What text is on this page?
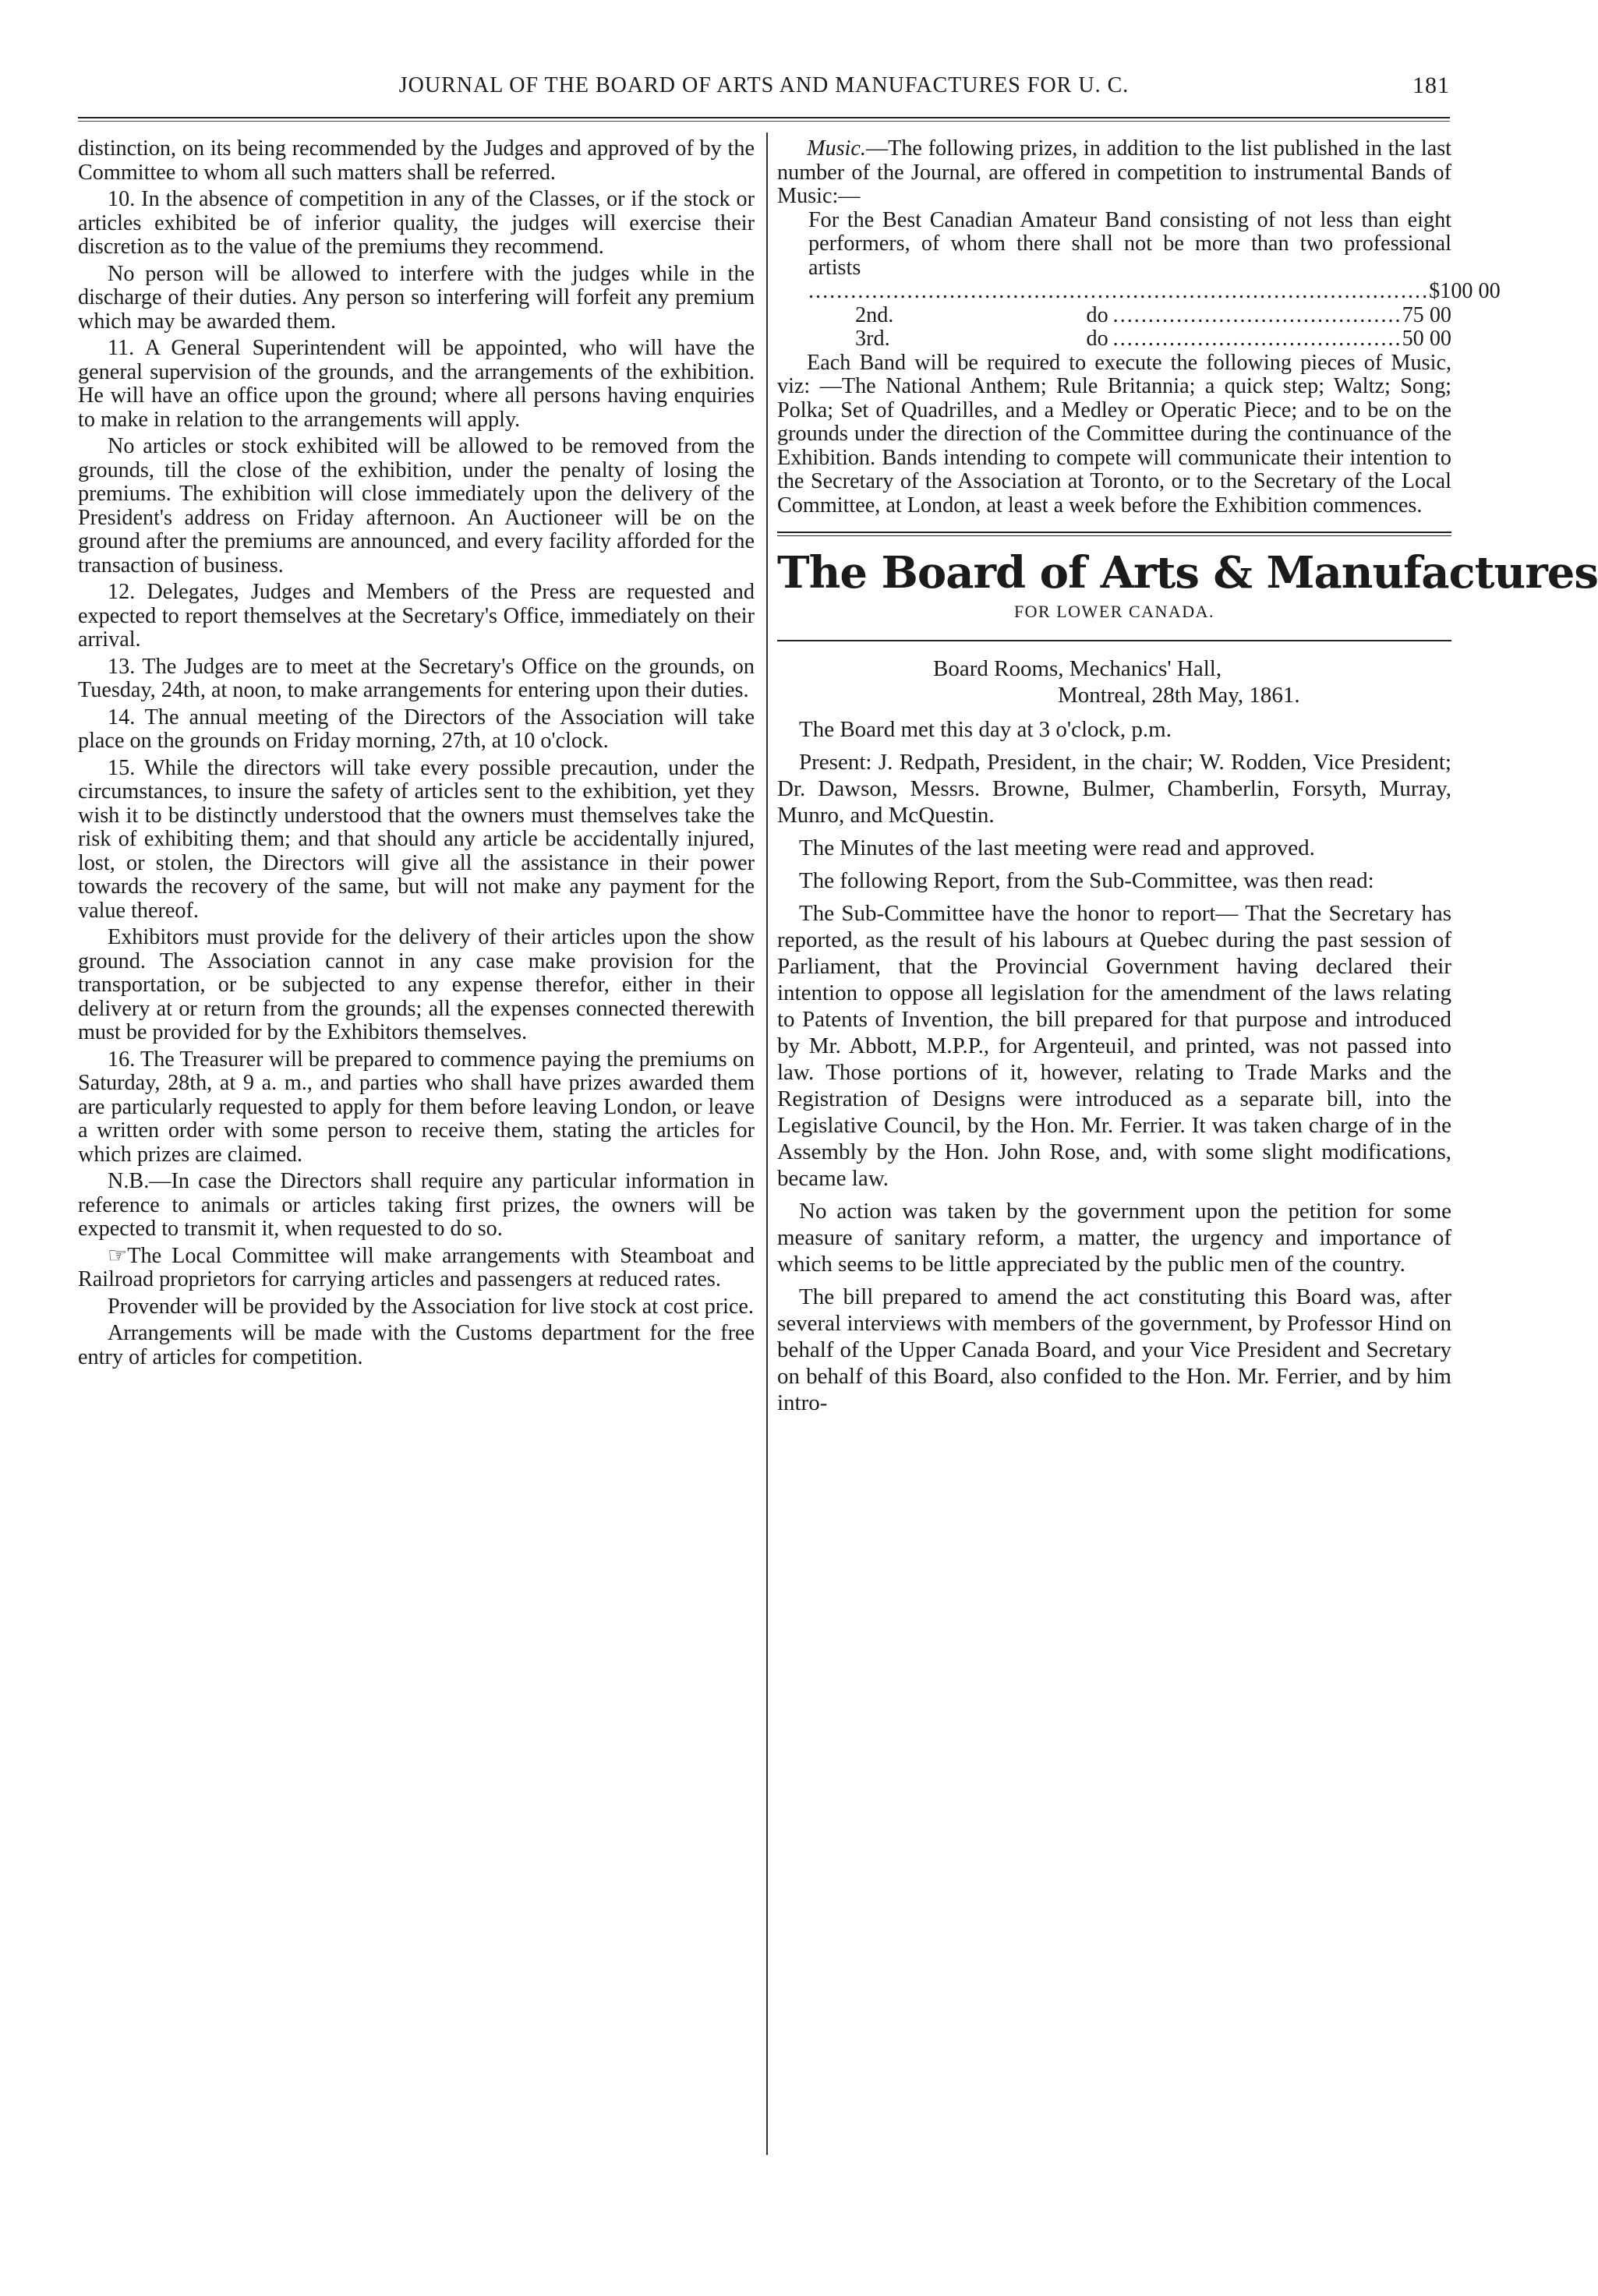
JOURNAL OF THE BOARD OF ARTS AND MANUFACTURES FOR U. C.	181

distinction, on its being recommended by the Judges and approved of by the Committee to whom all such matters shall be referred.

10. In the absence of competition in any of the Classes, or if the stock or articles exhibited be of inferior quality, the judges will exercise their discretion as to the value of the premiums they recommend.

No person will be allowed to interfere with the judges while in the discharge of their duties. Any person so interfering will forfeit any premium which may be awarded them.

11. A General Superintendent will be appointed, who will have the general supervision of the grounds, and the arrangements of the exhibition. He will have an office upon the ground; where all persons having enquiries to make in relation to the arrangements will apply.

No articles or stock exhibited will be allowed to be removed from the grounds, till the close of the exhibition, under the penalty of losing the premiums. The exhibition will close immediately upon the delivery of the President's address on Friday afternoon. An Auctioneer will be on the ground after the premiums are announced, and every facility afforded for the transaction of business.

12. Delegates, Judges and Members of the Press are requested and expected to report themselves at the Secretary's Office, immediately on their arrival.

13. The Judges are to meet at the Secretary's Office on the grounds, on Tuesday, 24th, at noon, to make arrangements for entering upon their duties.

14. The annual meeting of the Directors of the Association will take place on the grounds on Friday morning, 27th, at 10 o'clock.

15. While the directors will take every possible precaution, under the circumstances, to insure the safety of articles sent to the exhibition, yet they wish it to be distinctly understood that the owners must themselves take the risk of exhibiting them; and that should any article be accidentally injured, lost, or stolen, the Directors will give all the assistance in their power towards the recovery of the same, but will not make any payment for the value thereof.

Exhibitors must provide for the delivery of their articles upon the show ground. The Association cannot in any case make provision for the transportation, or be subjected to any expense therefor, either in their delivery at or return from the grounds; all the expenses connected therewith must be provided for by the Exhibitors themselves.

16. The Treasurer will be prepared to commence paying the premiums on Saturday, 28th, at 9 a. m., and parties who shall have prizes awarded them are particularly requested to apply for them before leaving London, or leave a written order with some person to receive them, stating the articles for which prizes are claimed.

N.B.—In case the Directors shall require any particular information in reference to animals or articles taking first prizes, the owners will be expected to transmit it, when requested to do so.

☞The Local Committee will make arrangements with Steamboat and Railroad proprietors for carrying articles and passengers at reduced rates.

Provender will be provided by the Association for live stock at cost price.

Arrangements will be made with the Customs department for the free entry of articles for competition.

Music.—The following prizes, in addition to the list published in the last number of the Journal, are offered in competition to instrumental Bands of Music:—

For the Best Canadian Amateur Band consisting of not less than eight performers, of whom there shall not be more than two professional artists
........................................................................................ $100 00
2nd.	do ......................................... 75 00
3rd.	do ......................................... 50 00

Each Band will be required to execute the following pieces of Music, viz: —The National Anthem; Rule Britannia; a quick step; Waltz; Song; Polka; Set of Quadrilles, and a Medley or Operatic Piece; and to be on the grounds under the direction of the Committee during the continuance of the Exhibition. Bands intending to compete will communicate their intention to the Secretary of the Association at Toronto, or to the Secretary of the Local Committee, at London, at least a week before the Exhibition commences.

The Board of Arts & Manufactures

FOR LOWER CANADA.

Board Rooms, Mechanics' Hall,

Montreal, 28th May, 1861.

The Board met this day at 3 o'clock, p.m.

Present: J. Redpath, President, in the chair; W. Rodden, Vice President; Dr. Dawson, Messrs. Browne, Bulmer, Chamberlin, Forsyth, Murray, Munro, and McQuestin.

The Minutes of the last meeting were read and approved.

The following Report, from the Sub-Committee, was then read:

The Sub-Committee have the honor to report— That the Secretary has reported, as the result of his labours at Quebec during the past session of Parliament, that the Provincial Government having declared their intention to oppose all legislation for the amendment of the laws relating to Patents of Invention, the bill prepared for that purpose and introduced by Mr. Abbott, M.P.P., for Argenteuil, and printed, was not passed into law. Those portions of it, however, relating to Trade Marks and the Registration of Designs were introduced as a separate bill, into the Legislative Council, by the Hon. Mr. Ferrier. It was taken charge of in the Assembly by the Hon. John Rose, and, with some slight modifications, became law.

No action was taken by the government upon the petition for some measure of sanitary reform, a matter, the urgency and importance of which seems to be little appreciated by the public men of the country.

The bill prepared to amend the act constituting this Board was, after several interviews with members of the government, by Professor Hind on behalf of the Upper Canada Board, and your Vice President and Secretary on behalf of this Board, also confided to the Hon. Mr. Ferrier, and by him intro-
